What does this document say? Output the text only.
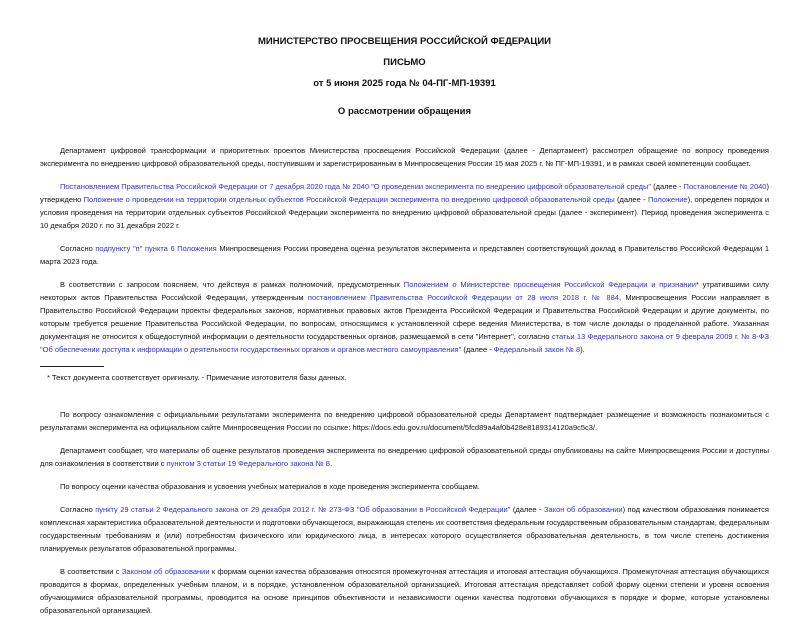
МИНИСТЕРСТВО ПРОСВЕЩЕНИЯ РОССИЙСКОЙ ФЕДЕРАЦИИ
ПИСЬМО
от 5 июня 2025 года № 04-ПГ-МП-19391
О рассмотрении обращения

Департамент цифровой трансформации и приоритетных проектов Министерства просвещения Российской Федерации (далее - Департамент) рассмотрел обращение по вопросу проведения эксперимента по внедрению цифровой образовательной среды, поступившим и зарегистрированным в Минпросвещения России 15 мая 2025 г. № ПГ-МП-19391, и в рамках своей компетенции сообщает.

Постановлением Правительства Российской Федерации от 7 декабря 2020 года № 2040 "О проведении эксперимента по внедрению цифровой образовательной среды" (далее - Постановление № 2040) утверждено Положение о проведении на территории отдельных субъектов Российской Федерации эксперимента по внедрению цифровой образовательной среды (далее - Положение), определен порядок и условия проведения на территории отдельных субъектов Российской Федерации эксперимента по внедрению цифровой образовательной среды (далее - эксперимент). Период проведения эксперимента с 10 декабря 2020 г. по 31 декабря 2022 г.

Согласно подпункту "п" пункта 6 Положения Минпросвещения России проведена оценка результатов эксперимента и представлен соответствующий доклад в Правительство Российской Федерации 1 марта 2023 года.

В соответствии с запросом поясняем, что действуя в рамках полномочий, предусмотренных Положением о Министерстве просвещения Российской Федерации и признании* утратившими силу некоторых актов Правительства Российской Федерации, утвержденным постановлением Правительства Российской Федерации от 28 июля 2018 г. № 884, Минпросвещения России направляет в Правительство Российской Федерации проекты федеральных законов, нормативных правовых актов Президента Российской Федерации и Правительства Российской Федерации и другие документы, по которым требуется решение Правительства Российской Федерации, по вопросам, относящимся к установленной сфере ведения Министерства, в том числе доклады о проделанной работе. Указанная документация не относится к общедоступной информации о деятельности государственных органов, размещаемой в сети "Интернет", согласно статьи 13 Федерального закона от 9 февраля 2009 г. № 8-ФЗ "Об обеспечении доступа к информации о деятельности государственных органов и органов местного самоуправления" (далее - Федеральный закон № 8).

* Текст документа соответствует оригиналу. - Примечание изготовителя базы данных.

По вопросу ознакомления с официальными результатами эксперимента по внедрению цифровой образовательной среды Департамент подтверждает размещение и возможность познакомиться с результатами эксперимента на официальном сайте Минпросвещения России по ссылке: https://docs.edu.gov.ru/document/5fcd89a4af0b428e8189314120a9c5c3/.

Департамент сообщает, что материалы об оценке результатов проведения эксперимента по внедрению цифровой образовательной среды опубликованы на сайте Минпросвещения России и доступны для ознакомления в соответствии с пунктом 3 статьи 19 Федерального закона № 8.

По вопросу оценки качества образования и усвоения учебных материалов в ходе проведения эксперимента сообщаем.

Согласно пункту 29 статьи 2 Федерального закона от 29 декабря 2012 г. № 273-ФЗ "Об образовании в Российской Федерации" (далее - Закон об образовании) под качеством образования понимается комплексная характеристика образовательной деятельности и подготовки обучающегося, выражающая степень их соответствия федеральным государственным образовательным стандартам, федеральным государственным требованиям и (или) потребностям физического или юридического лица, в интересах которого осуществляется образовательная деятельность, в том числе степень достижения планируемых результатов образовательной программы.

В соответствии с Законом об образовании к формам оценки качества образования относятся промежуточная аттестация и итоговая аттестация обучающихся. Промежуточная аттестация обучающихся проводится в формах, определенных учебным планом, и в порядке, установленном образовательной организацией. Итоговая аттестация представляет собой форму оценки степени и уровня освоения обучающимися образовательной программы, проводится на основе принципов объективности и независимости оценки качества подготовки обучающихся в порядке и форме, которые установлены образовательной организацией.
